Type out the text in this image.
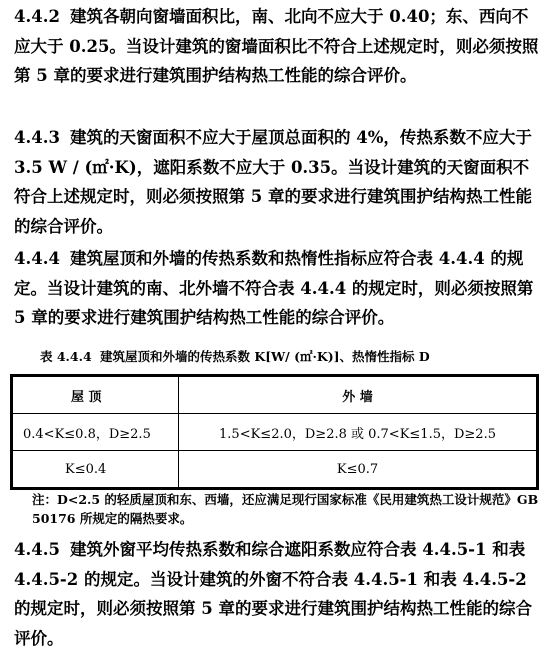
4.4.2 建筑各朝向窗墙面积比，南、北向不应大于 0.40；东、西向不应大于 0.25。当设计建筑的窗墙面积比不符合上述规定时，则必须按照第 5 章的要求进行建筑围护结构热工性能的综合评价。
4.4.3 建筑的天窗面积不应大于屋顶总面积的 4%，传热系数不应大于 3.5 W / (㎡·K)，遮阳系数不应大于 0.35。当设计建筑的天窗面积不符合上述规定时，则必须按照第 5 章的要求进行建筑围护结构热工性能的综合评价。
4.4.4 建筑屋顶和外墙的传热系数和热惰性指标应符合表 4.4.4 的规定。当设计建筑的南、北外墙不符合表 4.4.4 的规定时，则必须按照第 5 章的要求进行建筑围护结构热工性能的综合评价。
表 4.4.4 建筑屋顶和外墙的传热系数 K[W/ (㎡·K)]、热惰性指标 D
屋 顶	外 墙
0.4<K≤0.8，D≥2.5	1.5<K≤2.0，D≥2.8 或 0.7<K≤1.5，D≥2.5
K≤0.4	K≤0.7
注：D<2.5 的轻质屋顶和东、西墙，还应满足现行国家标准《民用建筑热工设计规范》GB 50176 所规定的隔热要求。
4.4.5 建筑外窗平均传热系数和综合遮阳系数应符合表 4.4.5-1 和表 4.4.5-2 的规定。当设计建筑的外窗不符合表 4.4.5-1 和表 4.4.5-2 的规定时，则必须按照第 5 章的要求进行建筑围护结构热工性能的综合评价。
